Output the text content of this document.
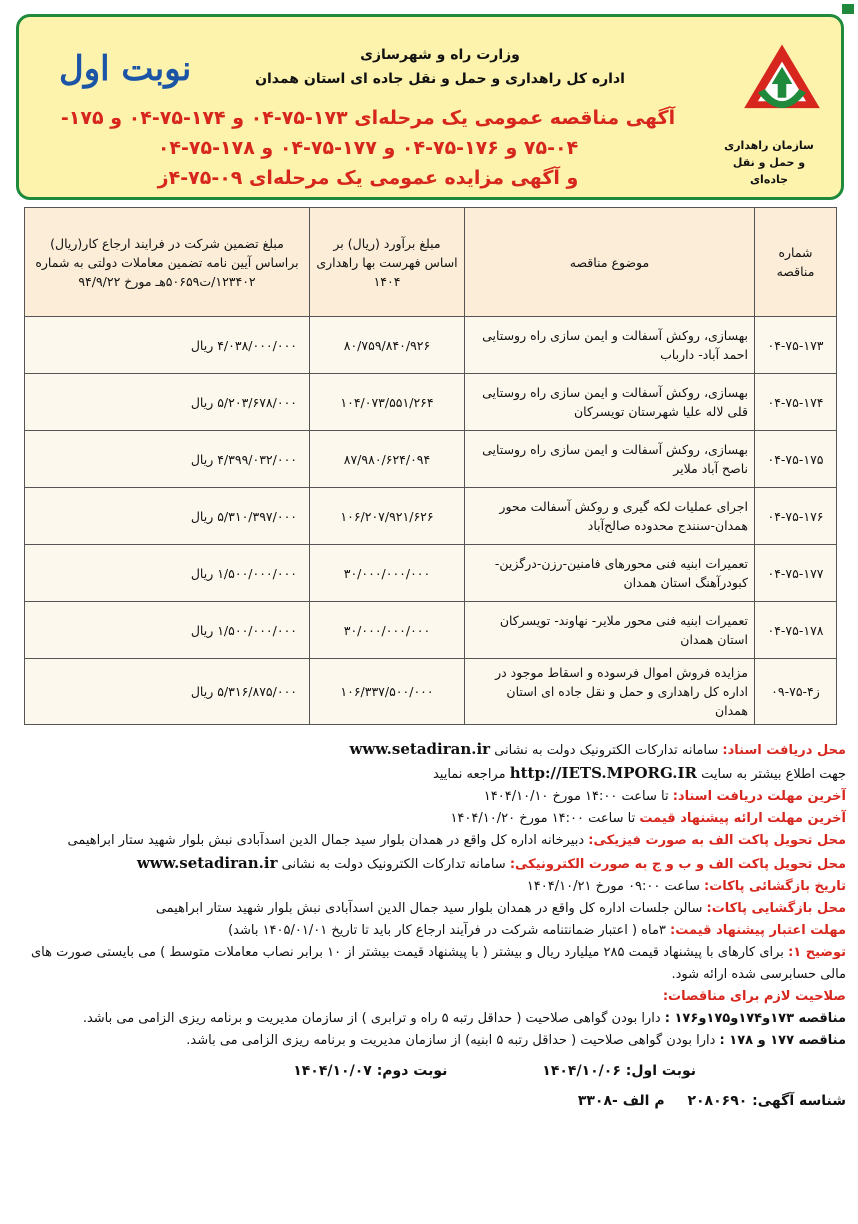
سازمان راهداری
و حمل و نقل جاده‌ای
نوبت اول	وزارت راه و شهرسازی
اداره کل راهداری و حمل و نقل جاده ای استان همدان
آگهی مناقصه عمومی یک مرحله‌ای ۱۷۳-۷۵-۰۴ و ۱۷۴-۷۵-۰۴ و ۱۷۵-
۷۵-۰۴ و ۱۷۶-۷۵-۰۴ و ۱۷۷-۷۵-۰۴ و ۱۷۸-۷۵-۰۴
و آگهی مزایده عمومی یک مرحله‌ای ۰۹-۷۵-۴ز
شماره مناقصه	موضوع مناقصه	مبلغ برآورد (ریال) بر اساس فهرست بها راهداری ۱۴۰۴	مبلغ تضمین شرکت در فرایند ارجاع کار(ریال) براساس آیین نامه تضمین معاملات دولتی به شماره ۱۲۳۴۰۲/ت۵۰۶۵۹هـ مورخ ۹۴/۹/۲۲
۰۴-۷۵-۱۷۳	بهسازی، روکش آسفالت و ایمن سازی راه روستایی احمد آباد- دارباب	۸۰/۷۵۹/۸۴۰/۹۲۶	۴/۰۳۸/۰۰۰/۰۰۰ ریال
۰۴-۷۵-۱۷۴	بهسازی، روکش آسفالت و ایمن سازی راه روستایی قلی لاله علیا شهرستان تویسرکان	۱۰۴/۰۷۳/۵۵۱/۲۶۴	۵/۲۰۳/۶۷۸/۰۰۰ ریال
۰۴-۷۵-۱۷۵	بهسازی، روکش آسفالت و ایمن سازی راه روستایی ناصح آباد ملایر	۸۷/۹۸۰/۶۲۴/۰۹۴	۴/۳۹۹/۰۳۲/۰۰۰ ریال
۰۴-۷۵-۱۷۶	اجرای عملیات لکه گیری و روکش آسفالت محور همدان-سنندج محدوده صالح‌آباد	۱۰۶/۲۰۷/۹۲۱/۶۲۶	۵/۳۱۰/۳۹۷/۰۰۰ ریال
۰۴-۷۵-۱۷۷	تعمیرات ابنیه فنی محورهای فامنین-رزن-درگزین-کبودرآهنگ استان همدان	۳۰/۰۰۰/۰۰۰/۰۰۰	۱/۵۰۰/۰۰۰/۰۰۰ ریال
۰۴-۷۵-۱۷۸	تعمیرات ابنیه فنی محور ملایر- نهاوند- تویسرکان استان همدان	۳۰/۰۰۰/۰۰۰/۰۰۰	۱/۵۰۰/۰۰۰/۰۰۰ ریال
۰۹-۷۵-۴ز	مزایده فروش اموال فرسوده و اسقاط موجود در اداره کل راهداری و حمل و نقل جاده ای استان همدان	۱۰۶/۳۳۷/۵۰۰/۰۰۰	۵/۳۱۶/۸۷۵/۰۰۰ ریال

محل دریافت اسناد: سامانه تدارکات الکترونیک دولت به نشانی www.setadiran.ir

جهت اطلاع بیشتر به سایت http://IETS.MPORG.IR مراجعه نمایید

آخرین مهلت دریافت اسناد: تا ساعت ۱۴:۰۰ مورخ ۱۴۰۴/۱۰/۱۰

آخرین مهلت ارائه پیشنهاد قیمت تا ساعت ۱۴:۰۰ مورخ ۱۴۰۴/۱۰/۲۰

محل تحویل پاکت الف به صورت فیزیکی: دبیرخانه اداره کل واقع در همدان بلوار سید جمال الدین اسدآبادی نبش بلوار شهید ستار ابراهیمی

محل تحویل پاکت الف و ب و ج به صورت الکترونیکی: سامانه تدارکات الکترونیک دولت به نشانی www.setadiran.ir

تاریخ بازگشائی پاکات: ساعت ۰۹:۰۰ مورخ ۱۴۰۴/۱۰/۲۱

محل بازگشایی پاکات: سالن جلسات اداره کل واقع در همدان بلوار سید جمال الدین اسدآبادی نبش بلوار شهید ستار ابراهیمی

مهلت اعتبار پیشنهاد قیمت: ۳ماه ( اعتبار ضمانتنامه شرکت در فرآیند ارجاع کار باید تا تاریخ ۱۴۰۵/۰۱/۰۱ باشد)

توضیح ۱: برای کارهای با پیشنهاد قیمت ۲۸۵ میلیارد ریال و بیشتر ( با پیشنهاد قیمت بیشتر از ۱۰ برابر نصاب معاملات متوسط ) می بایستی صورت های مالی حسابرسی شده ارائه شود.

صلاحیت لازم برای مناقصات:

مناقصه ۱۷۳و۱۷۴و۱۷۵و۱۷۶ : دارا بودن گواهی صلاحیت ( حداقل رتبه ۵ راه و ترابری ) از سازمان مدیریت و برنامه ریزی الزامی می باشد.

مناقصه ۱۷۷ و ۱۷۸ : دارا بودن گواهی صلاحیت ( حداقل رتبه ۵ ابنیه) از سازمان مدیریت و برنامه ریزی الزامی می باشد.

نوبت اول: ۱۴۰۴/۱۰/۰۶ نوبت دوم: ۱۴۰۴/۱۰/۰۷

شناسه آگهی: ۲۰۸۰۶۹۰ م الف -۳۳۰۸
